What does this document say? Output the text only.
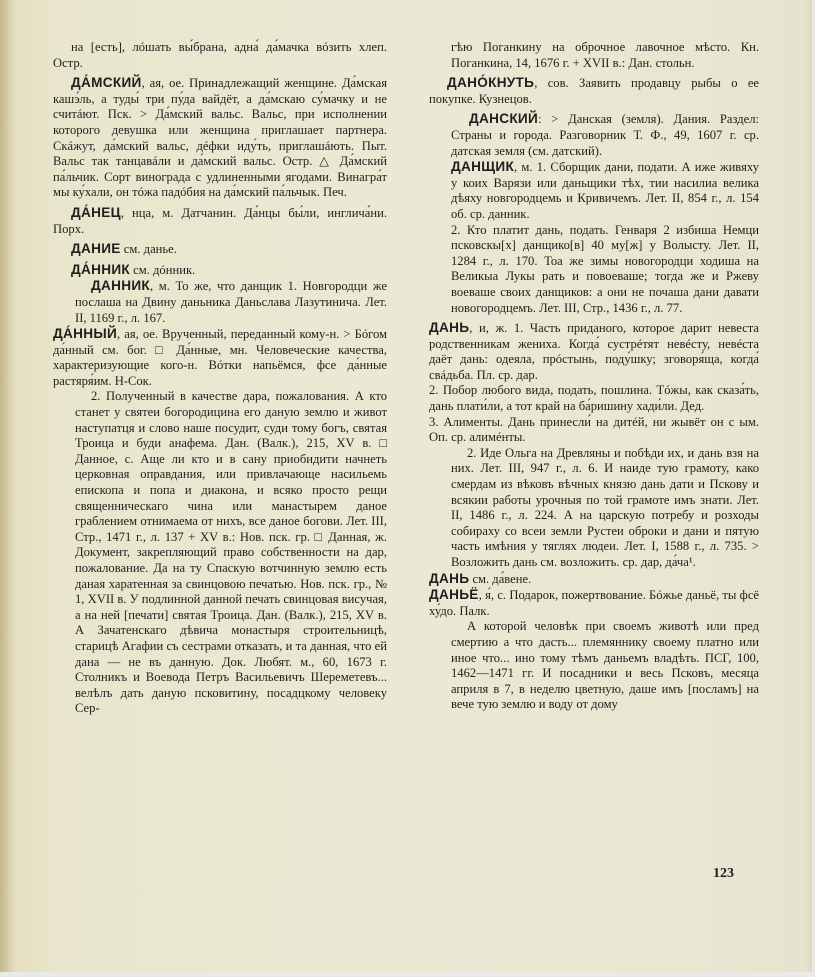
на [есть], лóшать вы́брана, адна́ да́мачка вóзить хлеп. Остр.

ДА́МСКИЙ, ая, ое. Принадлежащий женщине. Да́мская кашэ́ль, а туды́ три пу́да вайдёт, а да́мскаю су́мачку и не считáют. Пск. > Да́мский вальс. Вальс, при исполнении которого девушка или женщина приглашает партнера. Скáжут, да́мский вальс, дéфки иду́ть, приглашáють. Пыт. Вальс так танцавáли и да́мский вальс. Остр. △ Да́мский па́льчик. Сорт винограда с удлиненными ягодами. Винагра́т мы ку́хали, он тóжа падóбия на да́мский па́льчык. Печ.

ДА́НЕЦ, нца, м. Датчанин. Да́нцы бы́ли, инглича́ни. Порх.

ДАНИЕ см. данье.

ДА́ННИК см. дóнник.

ДАННИК, м. То же, что данщик 1. Новгородци же послаша на Двину даньника Даньслава Лазутинича. Лет. II, 1169 г., л. 167.

ДА́ННЫЙ, ая, ое. Врученный, переданный кому-н. > Бóгом да́нный см. бог. □ Да́нные, мн. Человеческие качества, характеризующие кого-н. Вóтки напьёмся, фсе да́нные растяря́им. Н-Сок.

2. Полученный в качестве дара, пожалования. А кто станет у святеи богородицина его даную землю и живот наступатця и слово наше посудит, суди тому богъ, святая Троица и буди анафема. Дан. (Валк.), 215, XV в. □ Данное, с. Аще ли кто и в сану приобидити начнеть церковная оправдания, или привлачающе насильемь епископа и попа и диакона, и всяко просто рещи священническаго чина или манастырем даное граблением отнимаема от нихъ, все даное богови. Лет. III, Стр., 1471 г., л. 137 + XV в.: Нов. пск. гр. □ Данная, ж. Документ, закрепляющий право собственности на дар, пожалование. Да на ту Спаскую вотчинную землю есть даная харатенная за свинцовою печатью. Нов. пск. гр., № 1, XVII в. У подлинной данной печать свинцовая висучая, а на ней [печати] святая Троица. Дан. (Валк.), 215, XV в. А Зачатенскаго дѣвича монастыря строительницѣ, старицѣ Агафии съ сестрами отказать, и та данная, что ей дана — не въ данную. Док. Любят. м., 60, 1673 г. Столникъ и Воевода Петръ Васильевичъ Шереметевъ... велѣлъ дать даную псковитину, посадцкому человеку Сер-

гѣю Поганкину на оброчное лавочное мѣсто. Кн. Поганкина, 14, 1676 г. + XVII в.: Дан. стольн.

ДАНО́КНУТЬ, сов. Заявить продавцу рыбы о ее покупке. Кузнецов.

ДАНСКИЙ: > Данская (земля). Дания. Раздел: Страны и города. Разговорник Т. Ф., 49, 1607 г. ср. датская земля (см. датский).

ДАНЩИК, м. 1. Сборщик дани, подати. А иже живяху у коих Варязи или даньщики тѣх, тии насилиа велика дѣяху новгородцемь и Кривичемъ. Лет. II, 854 г., л. 154 об. ср. данник.

2. Кто платит дань, подать. Генваря 2 избиша Немци псковскы[х] данщико[в] 40 му[ж] у Волысту. Лет. II, 1284 г., л. 170. Тоа же зимы новогородци ходиша на Великыа Лукы рать и повоеваше; тогда же и Ржеву воеваше своих данщиков: а они не почаша дани давати новогородцемъ. Лет. III, Стр., 1436 г., л. 77.

ДАНЬ, и, ж. 1. Часть приданого, которое дарит невеста родственникам жениха. Когда́ сустрéтят невéсту, невéста даёт дань: одеяла, прóстынь, поду́шку; зговоря́ща, когда́ свáдьба. Пл. ср. дар.

2. Побор любого вида, подать, пошлина. Тóжы, как сказа́ть, дань плати́ли, а тот край на ба́ришину хади́ли. Дед.

3. Алименты. Дань принесли́ на дитéй, ни жывёт он с ым. Оп. ср. алимéнты.

2. Иде Ольга на Древляны и побѣди их, и дань взя на них. Лет. III, 947 г., л. 6. И наиде тую грамоту, како смердам из вѣковъ вѣчных князю дань дати и Пскову и всякии работы урочныя по той грамоте имъ знати. Лет. II, 1486 г., л. 224. А на царскую потребу и розходы собираху со всеи земли Рустеи оброки и дани и пятую часть имѣния у тяглях людеи. Лет. I, 1588 г., л. 735. > Возложить дань см. возложить. ср. дар, да́ча¹.

ДАНЬ см. да́вене.

ДАНЬЁ, я́, с. Подарок, пожертвование. Бóжье даньё, ты фсё ху́до. Палк.

А которой человѣк при своемъ животѣ или пред смертию а что дасть... племяннику своему платно или иное что... ино тому тѣмъ даньемъ владѣть. ПСГ, 100, 1462—1471 гг. И посадники и весь Псковъ, месяца априля в 7, в неделю цветную, даше имъ [посламъ] на вече тую землю и воду от дому

123
